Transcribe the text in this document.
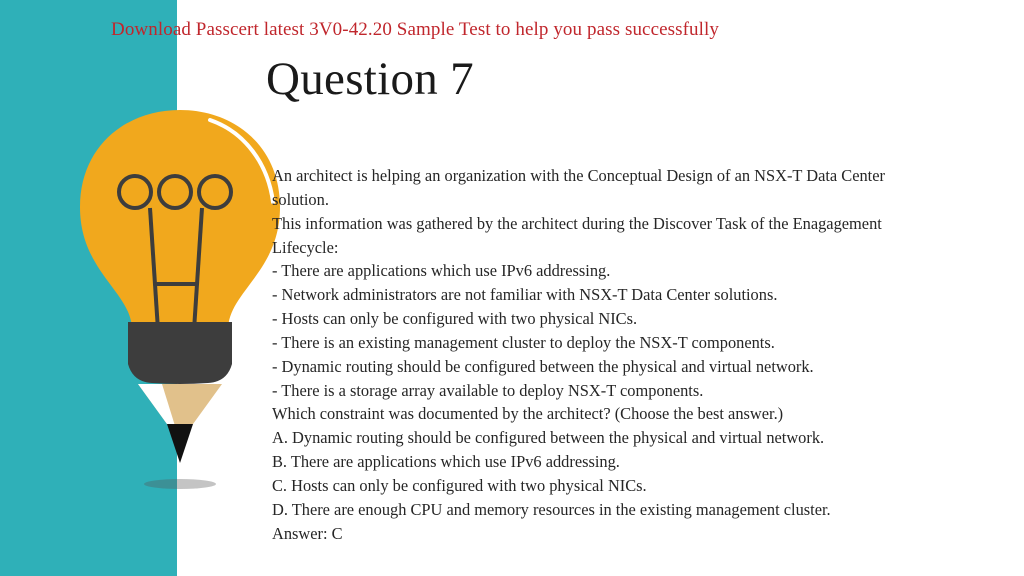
Download Passcert latest 3V0-42.20 Sample Test to help you pass successfully
Question 7

An architect is helping an organization with the Conceptual Design of an NSX-T Data Center

solution.

This information was gathered by the architect during the Discover Task of the Enagagement

Lifecycle:

- There are applications which use IPv6 addressing.

- Network administrators are not familiar with NSX-T Data Center solutions.

- Hosts can only be configured with two physical NICs.

- There is an existing management cluster to deploy the NSX-T components.

- Dynamic routing should be configured between the physical and virtual network.

- There is a storage array available to deploy NSX-T components.

Which constraint was documented by the architect? (Choose the best answer.)

A. Dynamic routing should be configured between the physical and virtual network.

B. There are applications which use IPv6 addressing.

C. Hosts can only be configured with two physical NICs.

D. There are enough CPU and memory resources in the existing management cluster.

Answer: C
